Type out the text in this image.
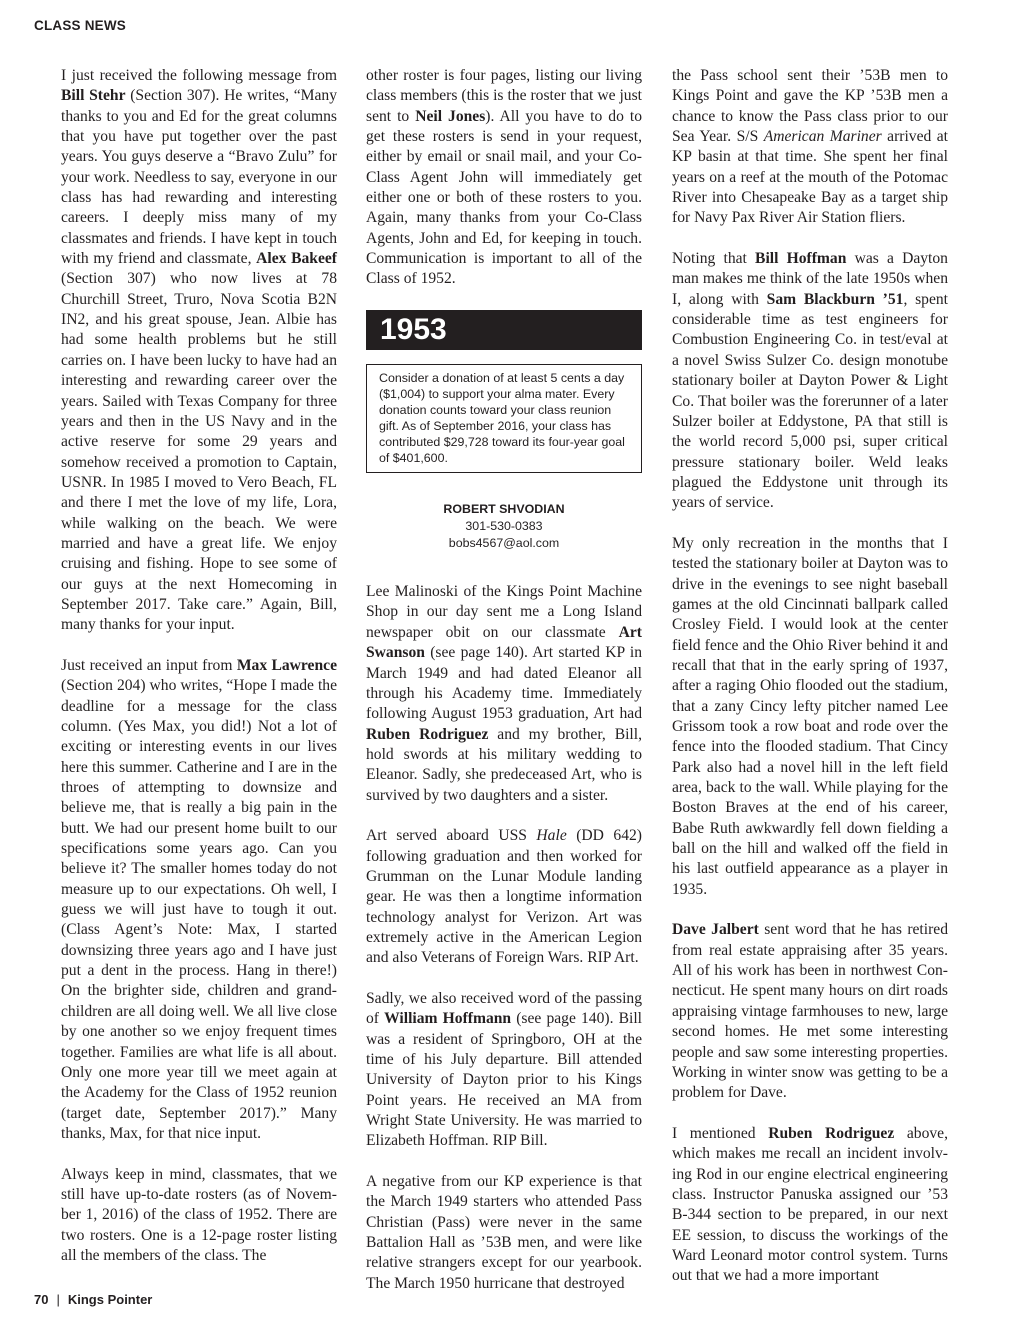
CLASS NEWS

I just received the following message from Bill Stehr (Section 307). He writes, “Many thanks to you and Ed for the great columns that you have put together over the past years. You guys deserve a “Bravo Zulu” for your work. Needless to say, everyone in our class has had rewarding and interesting careers. I deeply miss many of my classmates and friends. I have kept in touch with my friend and classmate, Alex Bakeef (Section 307) who now lives at 78 Churchill Street, Truro, Nova Scotia B2N IN2, and his great spouse, Jean. Albie has had some health problems but he still carries on. I have been lucky to have had an interesting and rewarding career over the years. Sailed with Texas Company for three years and then in the US Navy and in the active reserve for some 29 years and somehow received a promotion to Captain, USNR. In 1985 I moved to Vero Beach, FL and there I met the love of my life, Lora, while walking on the beach. We were married and have a great life. We enjoy cruising and fishing. Hope to see some of our guys at the next Homecoming in September 2017. Take care.” Again, Bill, many thanks for your input.

Just received an input from Max Lawrence (Section 204) who writes, “Hope I made the deadline for a message for the class column. (Yes Max, you did!) Not a lot of exciting or interesting events in our lives here this summer. Catherine and I are in the throes of attempting to downsize and believe me, that is really a big pain in the butt. We had our present home built to our specifications some years ago. Can you believe it? The smaller homes today do not measure up to our expectations. Oh well, I guess we will just have to tough it out. (Class Agent’s Note: Max, I started downsizing three years ago and I have just put a dent in the process. Hang in there!) On the brighter side, children and grandchildren are all doing well. We all live close by one another so we enjoy frequent times together. Families are what life is all about. Only one more year till we meet again at the Academy for the Class of 1952 reunion (target date, September 2017).” Many thanks, Max, for that nice input.

Always keep in mind, classmates, that we still have up-to-date rosters (as of November 1, 2016) of the class of 1952. There are two rosters. One is a 12-page roster listing all the members of the class. The

other roster is four pages, listing our living class members (this is the roster that we just sent to Neil Jones). All you have to do to get these rosters is send in your request, either by email or snail mail, and your Co-Class Agent John will immediately get either one or both of these rosters to you. Again, many thanks from your Co-Class Agents, John and Ed, for keeping in touch. Communication is important to all of the Class of 1952.

1953
Consider a donation of at least 5 cents a day ($1,004) to support your alma mater. Every donation counts toward your class reunion gift. As of September 2016, your class has contributed $29,728 toward its four-year goal of $401,600.
ROBERT SHVODIAN
301-530-0383
bobs4567@aol.com

Lee Malinoski of the Kings Point Machine Shop in our day sent me a Long Island newspaper obit on our classmate Art Swanson (see page 140). Art started KP in March 1949 and had dated Eleanor all through his Academy time. Immediately following August 1953 graduation, Art had Ruben Rodriguez and my brother, Bill, hold swords at his military wedding to Eleanor. Sadly, she predeceased Art, who is survived by two daughters and a sister.

Art served aboard USS Hale (DD 642) following graduation and then worked for Grumman on the Lunar Module landing gear. He was then a longtime information technology analyst for Verizon. Art was extremely active in the American Legion and also Veterans of Foreign Wars. RIP Art.

Sadly, we also received word of the passing of William Hoffmann (see page 140). Bill was a resident of Springboro, OH at the time of his July departure. Bill attended University of Dayton prior to his Kings Point years. He received an MA from Wright State University. He was married to Elizabeth Hoffman. RIP Bill.

A negative from our KP experience is that the March 1949 starters who attended Pass Christian (Pass) were never in the same Battalion Hall as ’53B men, and were like relative strangers except for our yearbook. The March 1950 hurricane that destroyed

the Pass school sent their ’53B men to Kings Point and gave the KP ’53B men a chance to know the Pass class prior to our Sea Year. S/S American Mariner arrived at KP basin at that time. She spent her final years on a reef at the mouth of the Potomac River into Chesapeake Bay as a target ship for Navy Pax River Air Station fliers.

Noting that Bill Hoffman was a Dayton man makes me think of the late 1950s when I, along with Sam Blackburn ’51, spent considerable time as test engineers for Combustion Engineering Co. in test/eval at a novel Swiss Sulzer Co. design monotube stationary boiler at Dayton Power & Light Co. That boiler was the forerunner of a later Sulzer boiler at Eddystone, PA that still is the world record 5,000 psi, super critical pressure stationary boiler. Weld leaks plagued the Eddystone unit through its years of service.

My only recreation in the months that I tested the stationary boiler at Dayton was to drive in the evenings to see night baseball games at the old Cincinnati ballpark called Crosley Field. I would look at the center field fence and the Ohio River behind it and recall that that in the early spring of 1937, after a raging Ohio flooded out the stadium, that a zany Cincy lefty pitcher named Lee Grissom took a row boat and rode over the fence into the flooded stadium. That Cincy Park also had a novel hill in the left field area, back to the wall. While playing for the Boston Braves at the end of his career, Babe Ruth awkwardly fell down fielding a ball on the hill and walked off the field in his last outfield appearance as a player in 1935.

Dave Jalbert sent word that he has retired from real estate appraising after 35 years. All of his work has been in northwest Connecticut. He spent many hours on dirt roads appraising vintage farmhouses to new, large second homes. He met some interesting people and saw some interesting properties. Working in winter snow was getting to be a problem for Dave.

I mentioned Ruben Rodriguez above, which makes me recall an incident involving Rod in our engine electrical engineering class. Instructor Panuska assigned our ’53 B-344 section to be prepared, in our next EE session, to discuss the workings of the Ward Leonard motor control system. Turns out that we had a more important

70 | Kings Pointer
